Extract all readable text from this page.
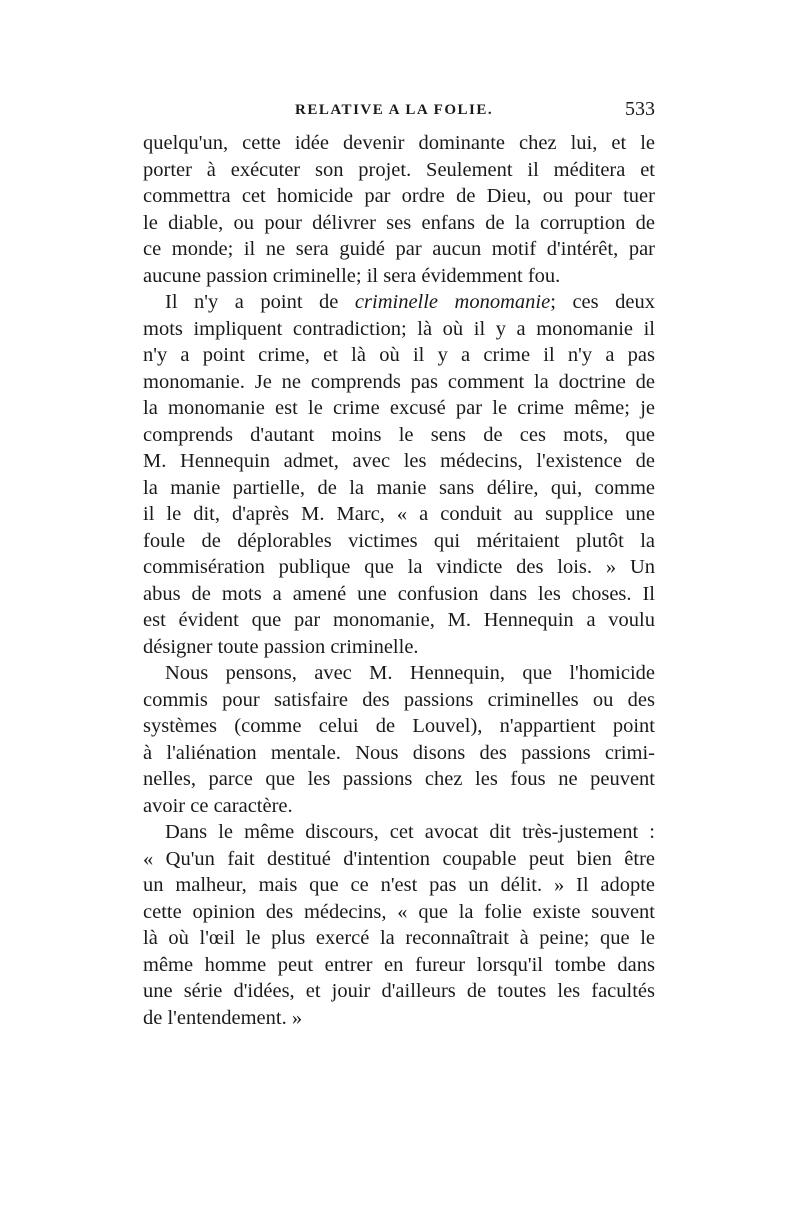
RELATIVE A LA FOLIE.	533

quelqu'un, cette idée devenir dominante chez lui, et le

porter à exécuter son projet. Seulement il méditera et

commettra cet homicide par ordre de Dieu, ou pour tuer

le diable, ou pour délivrer ses enfans de la corruption de

ce monde; il ne sera guidé par aucun motif d'intérêt, par

aucune passion criminelle; il sera évidemment fou.

Il n'y a point de criminelle monomanie; ces deux

mots impliquent contradiction; là où il y a monomanie il

n'y a point crime, et là où il y a crime il n'y a pas

monomanie. Je ne comprends pas comment la doctrine de

la monomanie est le crime excusé par le crime même; je

comprends d'autant moins le sens de ces mots, que

M. Hennequin admet, avec les médecins, l'existence de

la manie partielle, de la manie sans délire, qui, comme

il le dit, d'après M. Marc, « a conduit au supplice une

foule de déplorables victimes qui méritaient plutôt la

commisération publique que la vindicte des lois. » Un

abus de mots a amené une confusion dans les choses. Il

est évident que par monomanie, M. Hennequin a voulu

désigner toute passion criminelle.

Nous pensons, avec M. Hennequin, que l'homicide

commis pour satisfaire des passions criminelles ou des

systèmes (comme celui de Louvel), n'appartient point

à l'aliénation mentale. Nous disons des passions crimi-

nelles, parce que les passions chez les fous ne peuvent

avoir ce caractère.

Dans le même discours, cet avocat dit très-justement :

« Qu'un fait destitué d'intention coupable peut bien être

un malheur, mais que ce n'est pas un délit. » Il adopte

cette opinion des médecins, « que la folie existe souvent

là où l'œil le plus exercé la reconnaîtrait à peine; que le

même homme peut entrer en fureur lorsqu'il tombe dans

une série d'idées, et jouir d'ailleurs de toutes les facultés

de l'entendement. »
